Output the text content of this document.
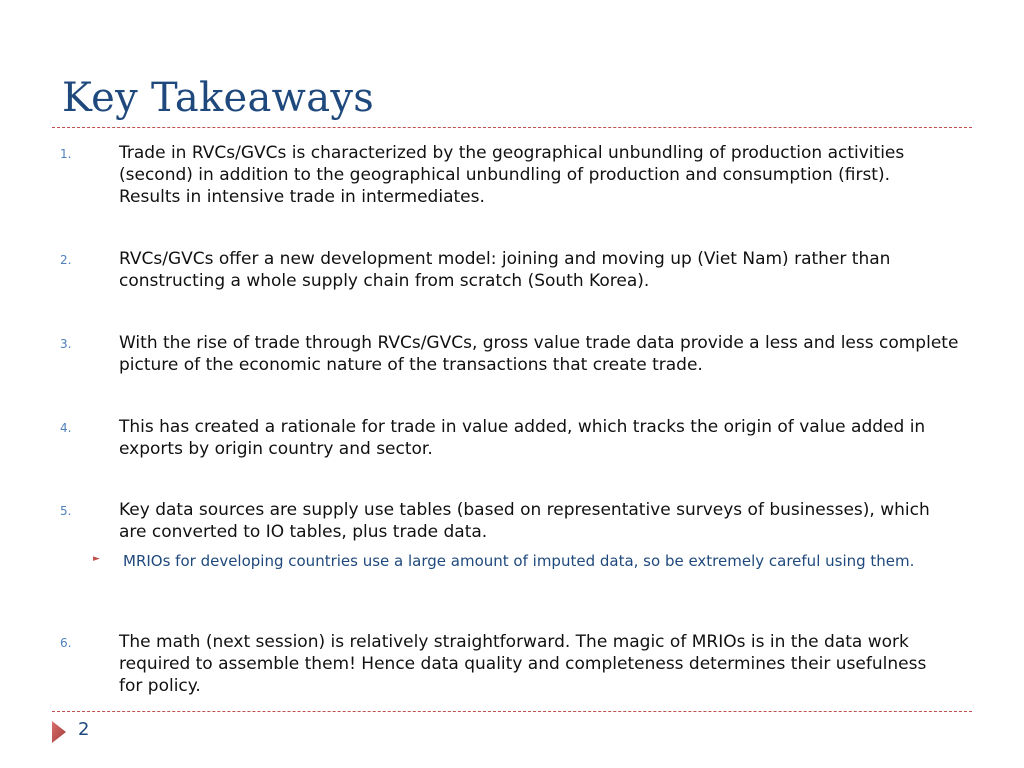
Key Takeaways
1.	Trade in RVCs/GVCs is characterized by the geographical unbundling of production activities (second) in addition to the geographical unbundling of production and consumption (first). Results in intensive trade in intermediates.

2.	RVCs/GVCs offer a new development model: joining and moving up (Viet Nam) rather than constructing a whole supply chain from scratch (South Korea).

3.	With the rise of trade through RVCs/GVCs, gross value trade data provide a less and less complete picture of the economic nature of the transactions that create trade.

4.	This has created a rationale for trade in value added, which tracks the origin of value added in exports by origin country and sector.

5.	Key data sources are supply use tables (based on representative surveys of businesses), which are converted to IO tables, plus trade data.

► MRIOs for developing countries use a large amount of imputed data, so be extremely careful using them.

6.	The math (next session) is relatively straightforward. The magic of MRIOs is in the data work required to assemble them! Hence data quality and completeness determines their usefulness for policy.

2
